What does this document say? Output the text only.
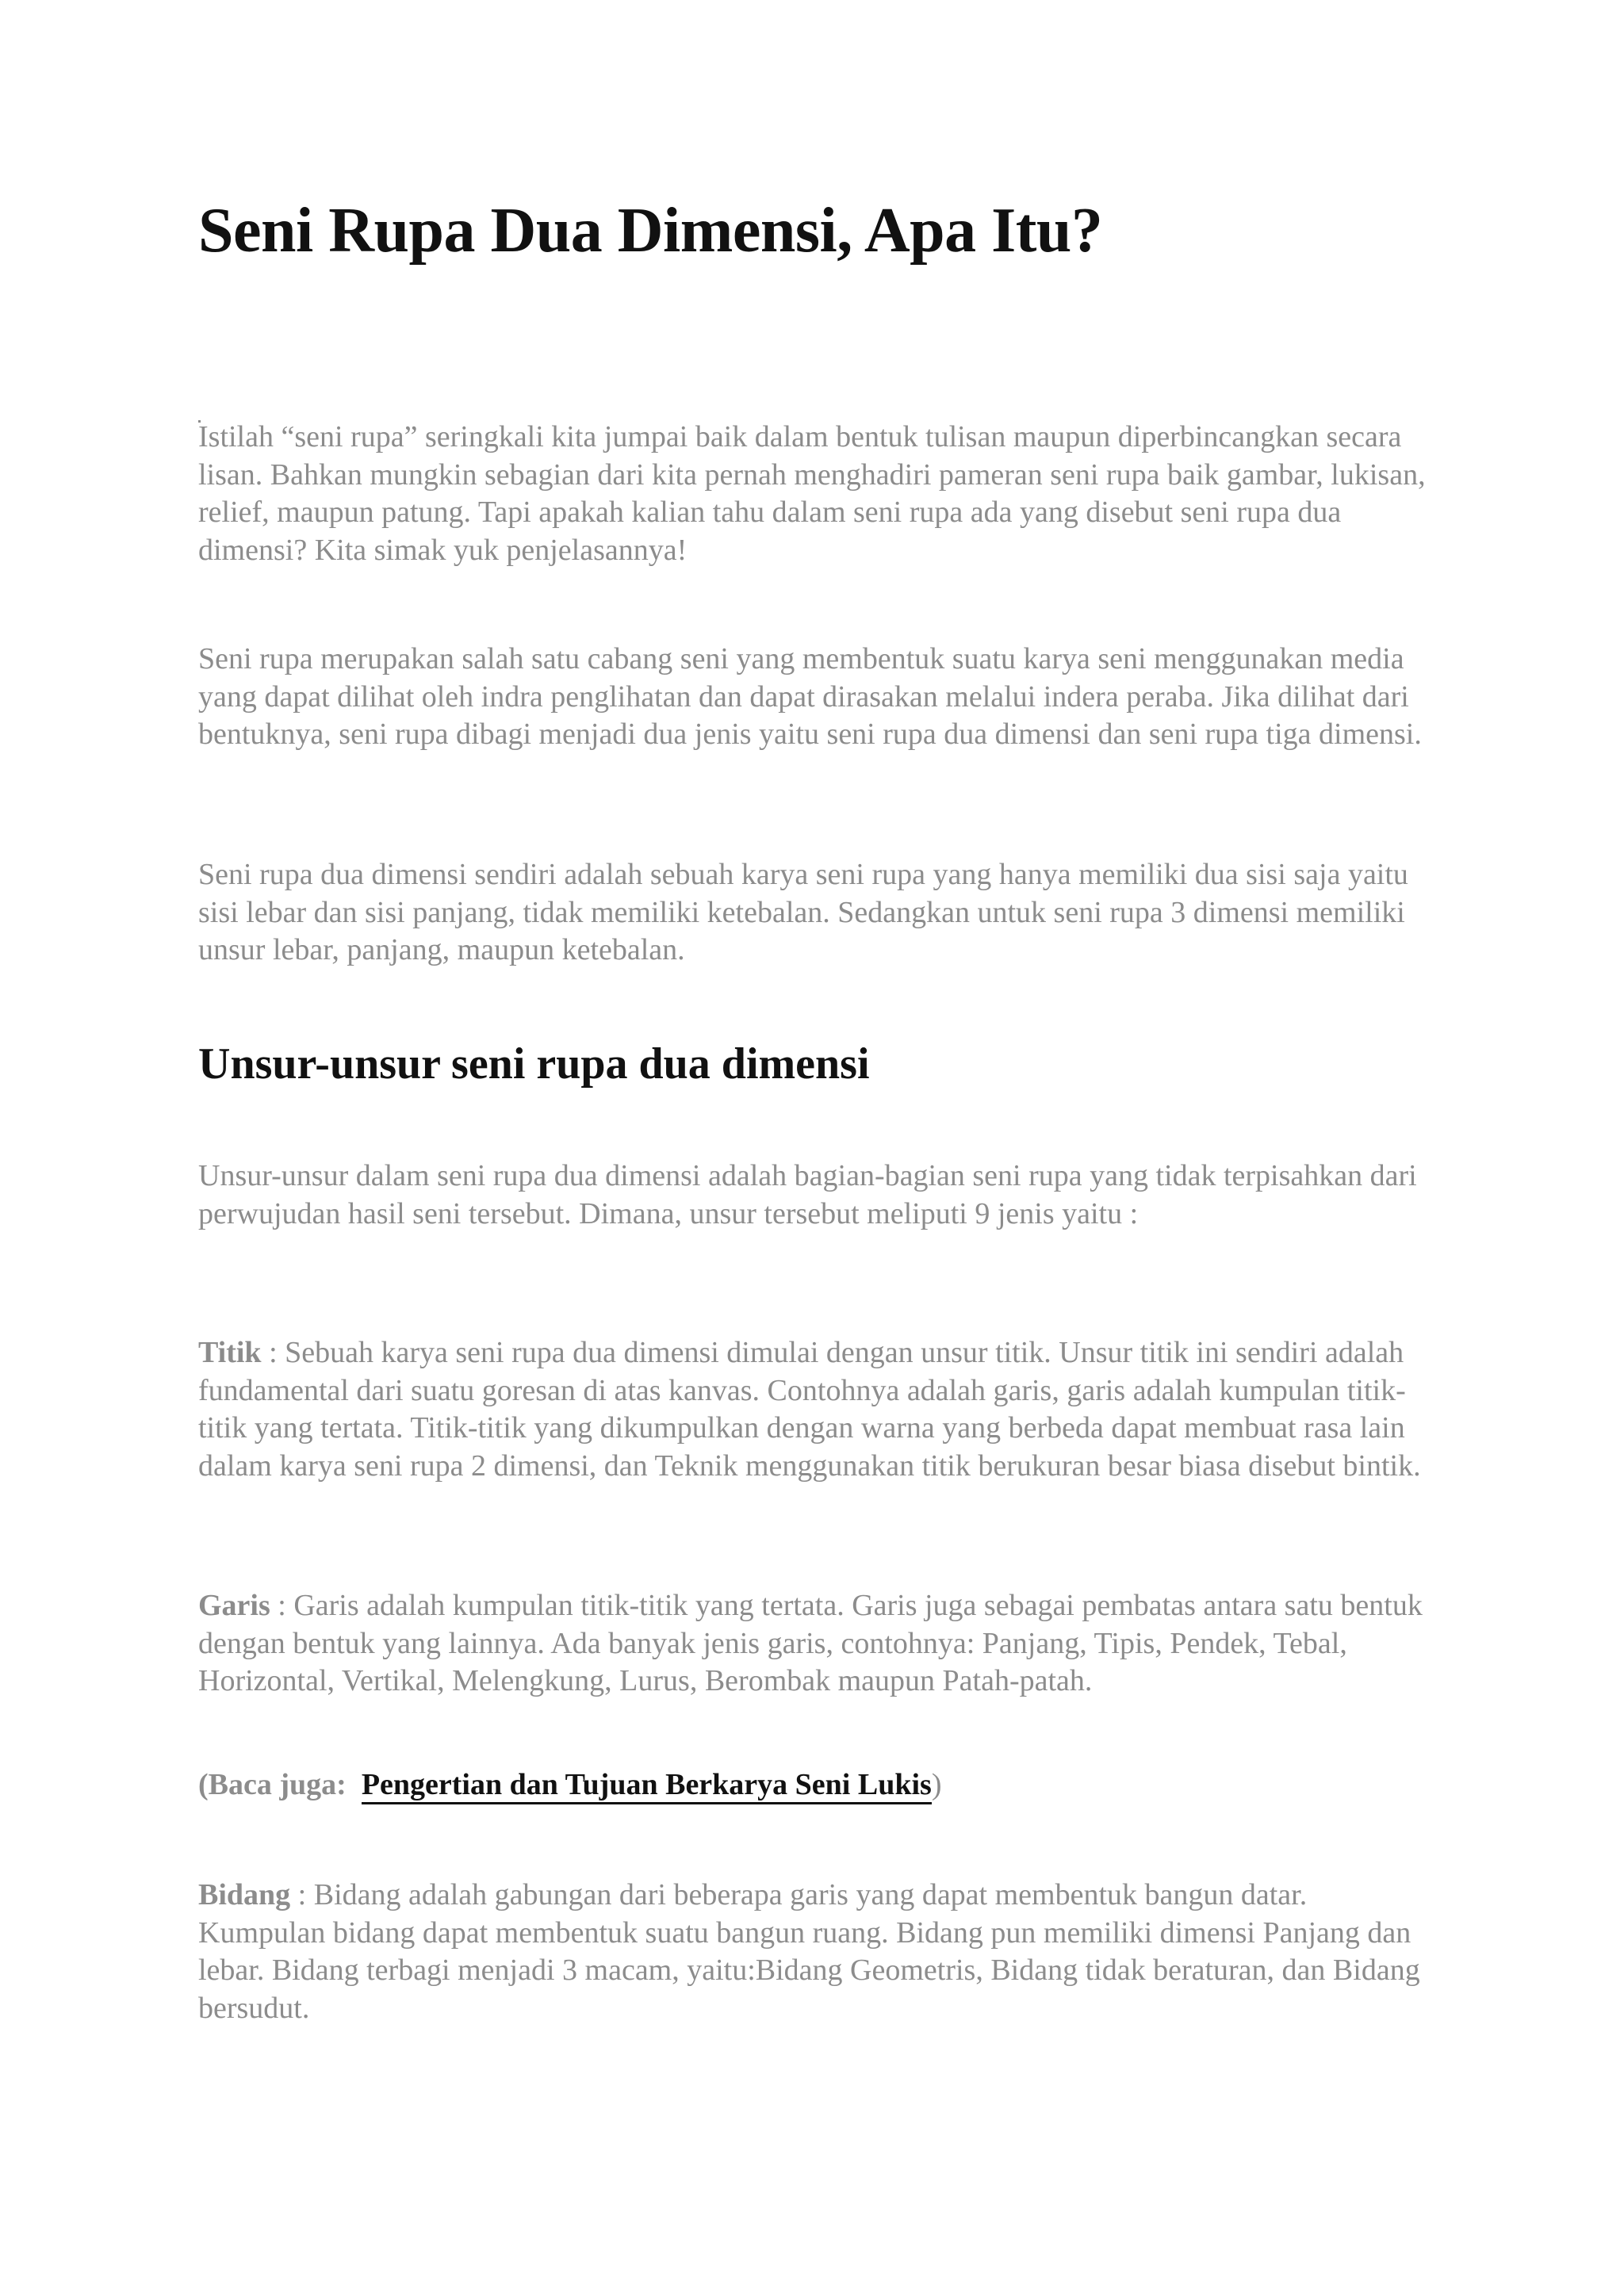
Seni Rupa Dua Dimensi, Apa Itu?

Istilah “seni rupa” seringkali kita jumpai baik dalam bentuk tulisan maupun diperbincangkan secara lisan. Bahkan mungkin sebagian dari kita pernah menghadiri pameran seni rupa baik gambar, lukisan, relief, maupun patung. Tapi apakah kalian tahu dalam seni rupa ada yang disebut seni rupa dua dimensi? Kita simak yuk penjelasannya!

Seni rupa merupakan salah satu cabang seni yang membentuk suatu karya seni menggunakan media yang dapat dilihat oleh indra penglihatan dan dapat dirasakan melalui indera peraba. Jika dilihat dari bentuknya, seni rupa dibagi menjadi dua jenis yaitu seni rupa dua dimensi dan seni rupa tiga dimensi.

Seni rupa dua dimensi sendiri adalah sebuah karya seni rupa yang hanya memiliki dua sisi saja yaitu sisi lebar dan sisi panjang, tidak memiliki ketebalan. Sedangkan untuk seni rupa 3 dimensi memiliki unsur lebar, panjang, maupun ketebalan.

Unsur-unsur seni rupa dua dimensi

Unsur-unsur dalam seni rupa dua dimensi adalah bagian-bagian seni rupa yang tidak terpisahkan dari perwujudan hasil seni tersebut. Dimana, unsur tersebut meliputi 9 jenis yaitu :

Titik : Sebuah karya seni rupa dua dimensi dimulai dengan unsur titik. Unsur titik ini sendiri adalah fundamental dari suatu goresan di atas kanvas. Contohnya adalah garis, garis adalah kumpulan titik-titik yang tertata. Titik-titik yang dikumpulkan dengan warna yang berbeda dapat membuat rasa lain dalam karya seni rupa 2 dimensi, dan Teknik menggunakan titik berukuran besar biasa disebut bintik.

Garis : Garis adalah kumpulan titik-titik yang tertata. Garis juga sebagai pembatas antara satu bentuk dengan bentuk yang lainnya. Ada banyak jenis garis, contohnya: Panjang, Tipis, Pendek, Tebal, Horizontal, Vertikal, Melengkung, Lurus, Berombak maupun Patah-patah.

(Baca juga: Pengertian dan Tujuan Berkarya Seni Lukis)

Bidang : Bidang adalah gabungan dari beberapa garis yang dapat membentuk bangun datar. Kumpulan bidang dapat membentuk suatu bangun ruang. Bidang pun memiliki dimensi Panjang dan lebar. Bidang terbagi menjadi 3 macam, yaitu:Bidang Geometris, Bidang tidak beraturan, dan Bidang bersudut.
